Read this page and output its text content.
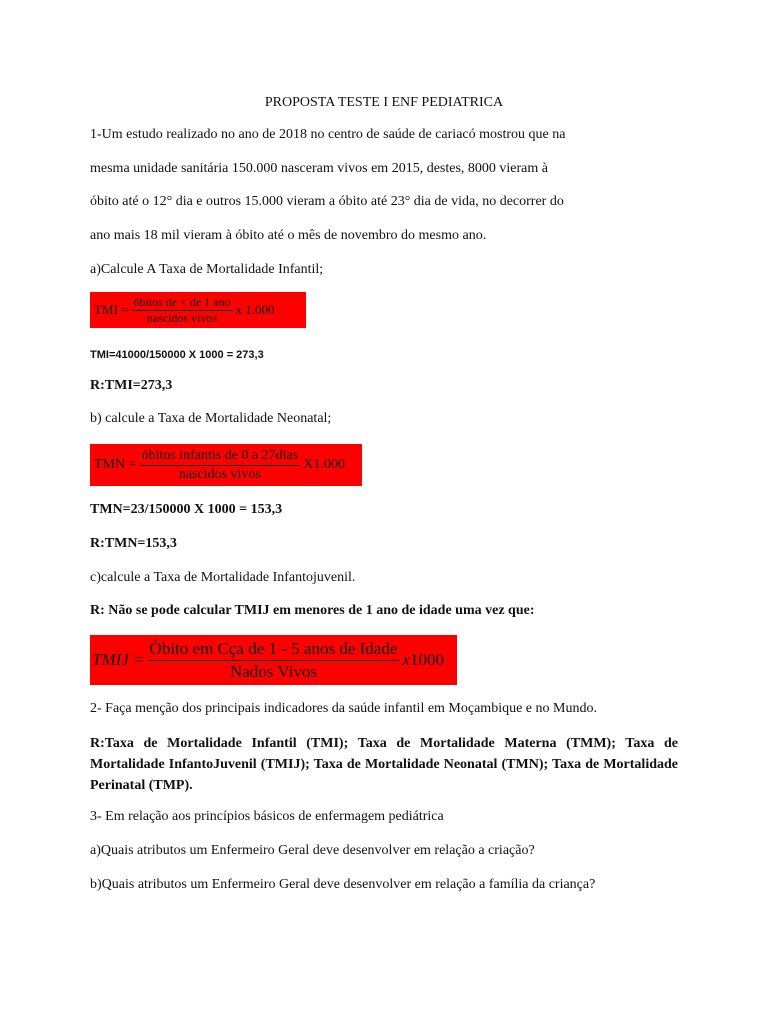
PROPOSTA TESTE I ENF PEDIATRICA
1-Um estudo realizado no ano de 2018 no centro de saúde de cariacó mostrou que na
mesma unidade sanitária 150.000 nasceram vivos em 2015, destes, 8000 vieram à
óbito até o 12° dia e outros 15.000 vieram a óbito até 23° dia de vida, no decorrer do
ano mais 18 mil vieram à óbito até o mês de novembro do mesmo ano.
a)Calcule A Taxa de Mortalidade Infantil;
TMI = $\frac{\text{óbitos de < de 1 ano}}{\text{nascidos vivos}}$ x 1.000
TMI=41000/150000 X 1000 = 273,3
R:TMI=273,3
b) calcule a Taxa de Mortalidade Neonatal;
TMN = $\frac{\text{óbitos infantis de 0 a 27dias}}{\text{nascidos vivos}} X1.000$
TMN=23/150000 X 1000 = 153,3
R:TMN=153,3
c)calcule a Taxa de Mortalidade Infantojuvenil.
R: Não se pode calcular TMIJ em menores de 1 ano de idade uma vez que:
TMIJ = $\frac{\text{Óbito em Cça de 1 - 5 anos de Idade}}{\text{Nados Vivos}} x1000$
2- Faça menção dos principais indicadores da saúde infantil em Moçambique e no Mundo.
R:Taxa de Mortalidade Infantil (TMI); Taxa de Mortalidade Materna (TMM); Taxa de Mortalidade InfantoJuvenil (TMIJ); Taxa de Mortalidade Neonatal (TMN); Taxa de Mortalidade Perinatal (TMP).
3- Em relação aos princípios básicos de enfermagem pediátrica
a)Quais atributos um Enfermeiro Geral deve desenvolver em relação a criação?
b)Quais atributos um Enfermeiro Geral deve desenvolver em relação a família da criança?
